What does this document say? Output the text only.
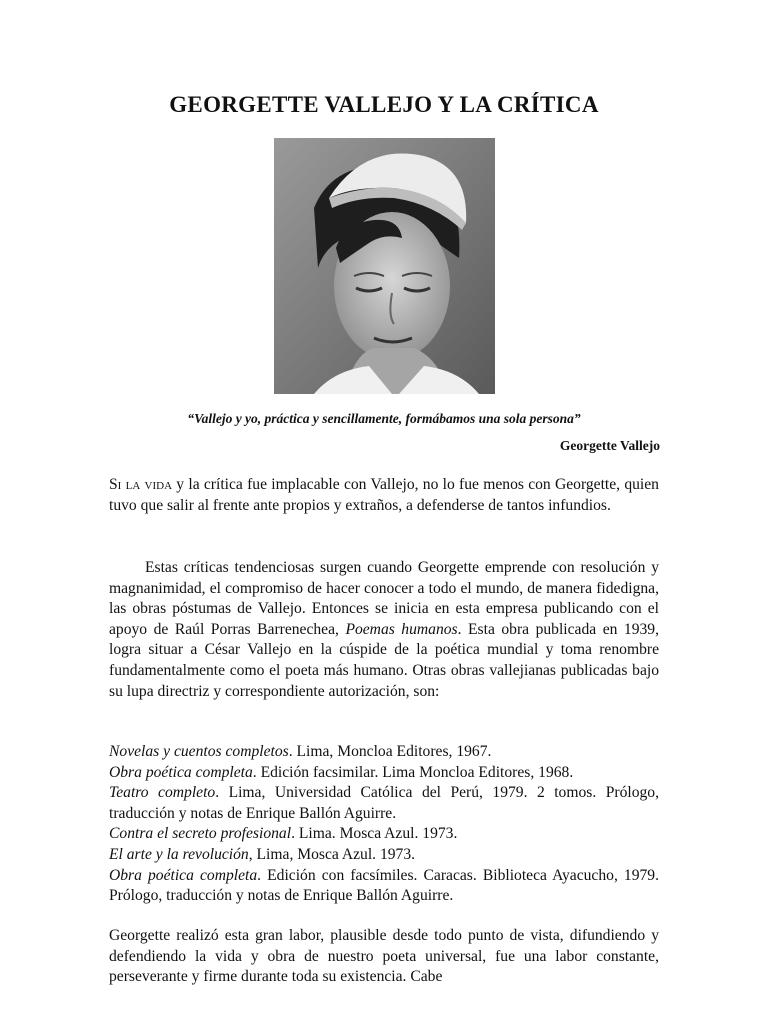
GEORGETTE VALLEJO Y LA CRÍTICA
“Vallejo y yo, práctica y sencillamente, formábamos una sola persona”
Georgette Vallejo
Si la vida y la crítica fue implacable con Vallejo, no lo fue menos con Georgette, quien tuvo que salir al frente ante propios y extraños, a defenderse de tantos infundios.
Estas críticas tendenciosas surgen cuando Georgette emprende con resolución y magnanimidad, el compromiso de hacer conocer a todo el mundo, de manera fidedigna, las obras póstumas de Vallejo. Entonces se inicia en esta empresa publicando con el apoyo de Raúl Porras Barrenechea, Poemas humanos. Esta obra publicada en 1939, logra situar a César Vallejo en la cúspide de la poética mundial y toma renombre fundamentalmente como el poeta más humano. Otras obras vallejianas publicadas bajo su lupa directriz y correspondiente autorización, son:
Novelas y cuentos completos. Lima, Moncloa Editores, 1967.
Obra poética completa. Edición facsimilar. Lima Moncloa Editores, 1968.
Teatro completo. Lima, Universidad Católica del Perú, 1979. 2 tomos. Prólogo, traducción y notas de Enrique Ballón Aguirre.
Contra el secreto profesional. Lima. Mosca Azul. 1973.
El arte y la revolución, Lima, Mosca Azul. 1973.
Obra poética completa. Edición con facsímiles. Caracas. Biblioteca Ayacucho, 1979. Prólogo, traducción y notas de Enrique Ballón Aguirre.
Georgette realizó esta gran labor, plausible desde todo punto de vista, difundiendo y defendiendo la vida y obra de nuestro poeta universal, fue una labor constante, perseverante y firme durante toda su existencia. Cabe
